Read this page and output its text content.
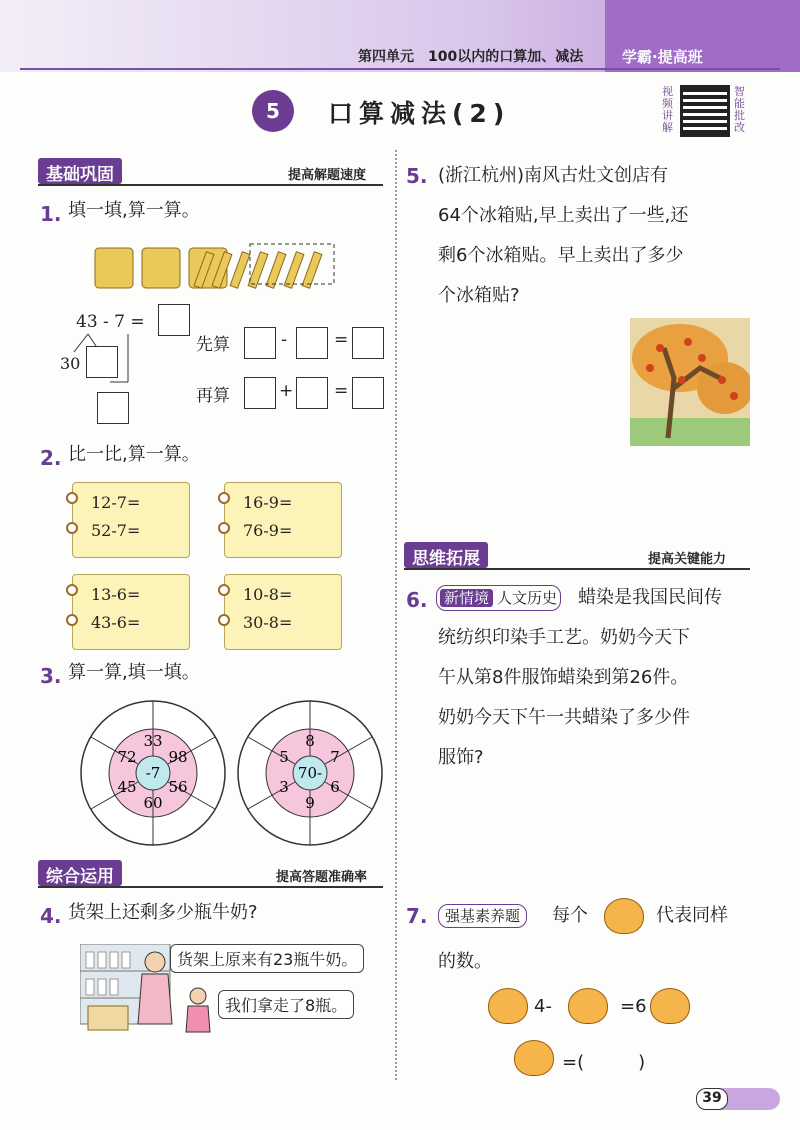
第四单元　100以内的口算加、减法	学霸·提高班
5	口算减法(2)
视频讲解
智能批改
基础巩固	提高解题速度
1. 填一填,算一算。
43 - 7 =
30
先算	-	=
再算	+ =
2. 比一比,算一算。
12-7=
52-7=
16-9=
76-9=
13-6=
43-6=
10-8=
30-8=
3. 算一算,填一填。
-7
33
98
56
60
45
72
70-
8
7
6
9
3
5
综合运用	提高答题准确率
4. 货架上还剩多少瓶牛奶?
货架上原来有23瓶牛奶。
我们拿走了8瓶。
5. (浙江杭州)南风古灶文创店有
64个冰箱贴,早上卖出了一些,还
剩6个冰箱贴。早上卖出了多少
个冰箱贴?
思维拓展	提高关键能力
6.	新情境 人文历史 蜡染是我国民间传
统纺织印染手工艺。奶奶今天下
午从第8件服饰蜡染到第26件。
奶奶今天下午一共蜡染了多少件
服饰?
7.	强基素养题	每个	代表同样
的数。
4-	=6
=(　　　)
39
